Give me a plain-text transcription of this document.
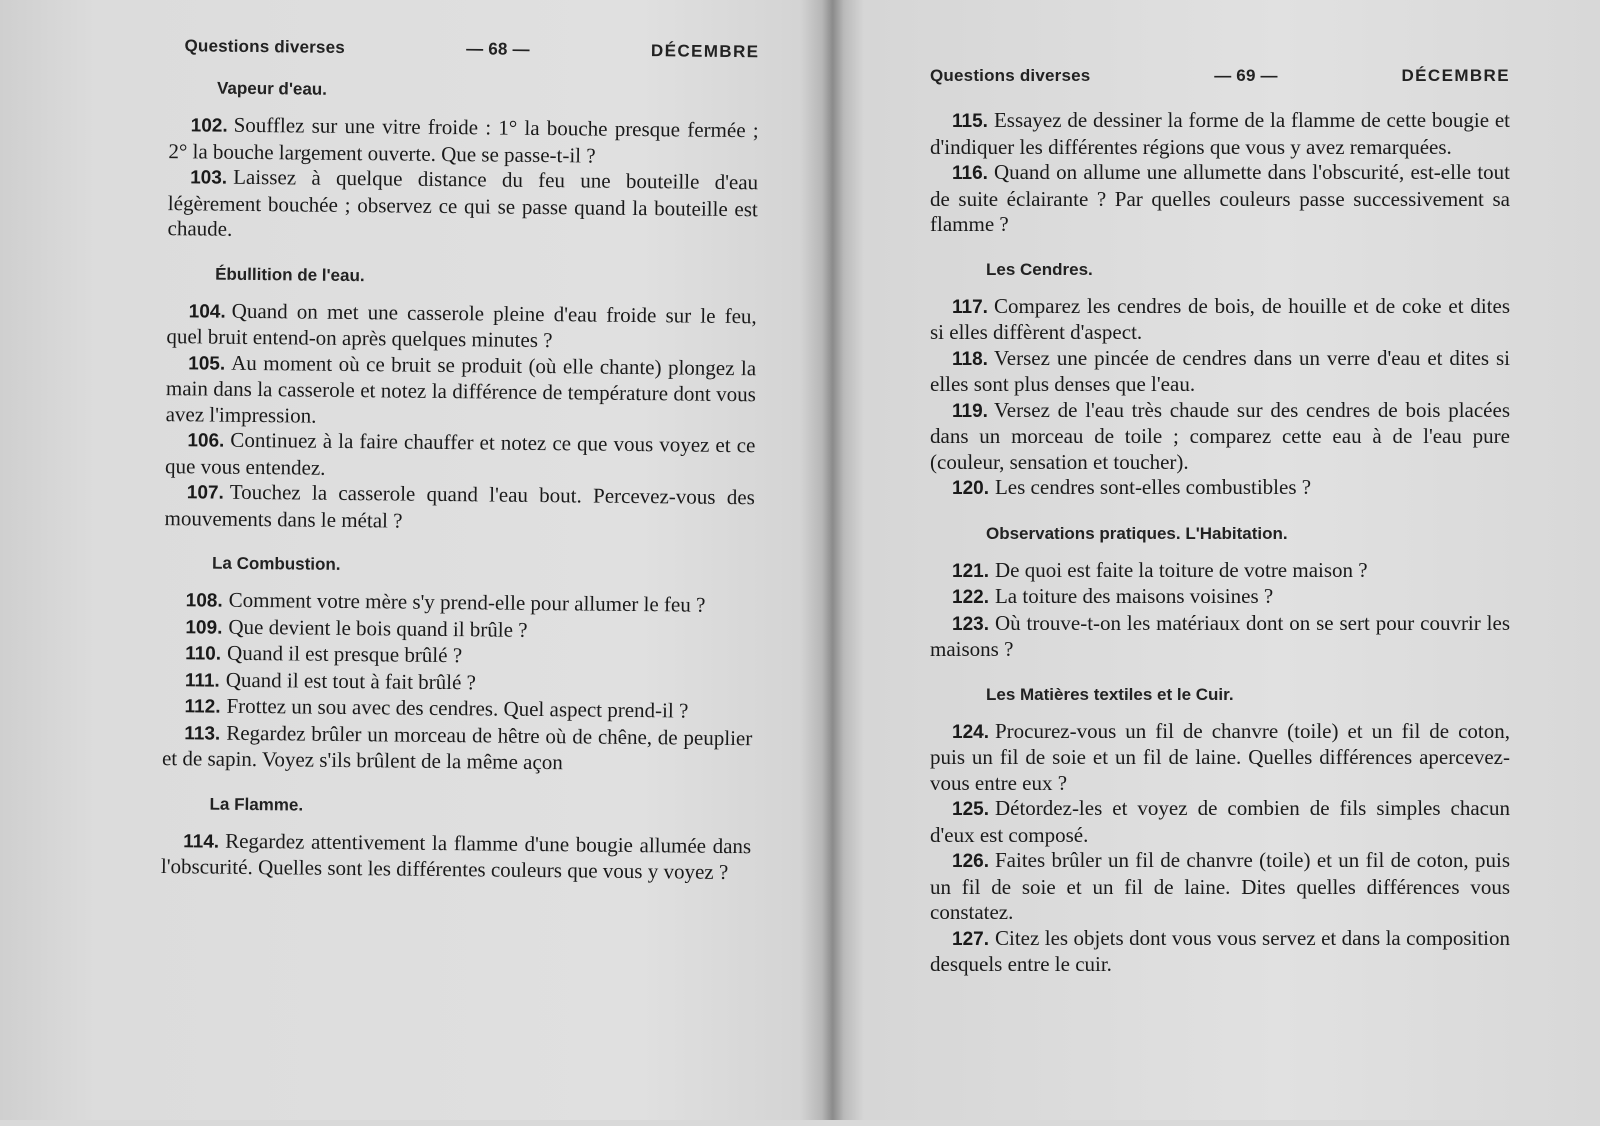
Questions diverses	— 68 —	DÉCEMBRE
Vapeur d'eau.

102. Soufflez sur une vitre froide : 1° la bouche presque fermée ; 2° la bouche largement ouverte. Que se passe-t-il ?

103. Laissez à quelque distance du feu une bouteille d'eau légèrement bouchée ; observez ce qui se passe quand la bouteille est chaude.

Ébullition de l'eau.

104. Quand on met une casserole pleine d'eau froide sur le feu, quel bruit entend-on après quelques minutes ?

105. Au moment où ce bruit se produit (où elle chante) plongez la main dans la casserole et notez la différence de température dont vous avez l'impression.

106. Continuez à la faire chauffer et notez ce que vous voyez et ce que vous entendez.

107. Touchez la casserole quand l'eau bout. Percevez-vous des mouvements dans le métal ?

La Combustion.

108. Comment votre mère s'y prend-elle pour allumer le feu ?

109. Que devient le bois quand il brûle ?

110. Quand il est presque brûlé ?

111. Quand il est tout à fait brûlé ?

112. Frottez un sou avec des cendres. Quel aspect prend-il ?

113. Regardez brûler un morceau de hêtre où de chêne, de peuplier et de sapin. Voyez s'ils brûlent de la même açon

La Flamme.

114. Regardez attentivement la flamme d'une bougie allumée dans l'obscurité. Quelles sont les différentes couleurs que vous y voyez ?

Questions diverses	— 69 —	DÉCEMBRE

115. Essayez de dessiner la forme de la flamme de cette bougie et d'indiquer les différentes régions que vous y avez remarquées.

116. Quand on allume une allumette dans l'obscurité, est-elle tout de suite éclairante ? Par quelles couleurs passe successivement sa flamme ?

Les Cendres.

117. Comparez les cendres de bois, de houille et de coke et dites si elles diffèrent d'aspect.

118. Versez une pincée de cendres dans un verre d'eau et dites si elles sont plus denses que l'eau.

119. Versez de l'eau très chaude sur des cendres de bois placées dans un morceau de toile ; comparez cette eau à de l'eau pure (couleur, sensation et toucher).

120. Les cendres sont-elles combustibles ?

Observations pratiques. L'Habitation.

121. De quoi est faite la toiture de votre maison ?

122. La toiture des maisons voisines ?

123. Où trouve-t-on les matériaux dont on se sert pour couvrir les maisons ?

Les Matières textiles et le Cuir.

124. Procurez-vous un fil de chanvre (toile) et un fil de coton, puis un fil de soie et un fil de laine. Quelles différences apercevez-vous entre eux ?

125. Détordez-les et voyez de combien de fils simples chacun d'eux est composé.

126. Faites brûler un fil de chanvre (toile) et un fil de coton, puis un fil de soie et un fil de laine. Dites quelles différences vous constatez.

127. Citez les objets dont vous vous servez et dans la composition desquels entre le cuir.
